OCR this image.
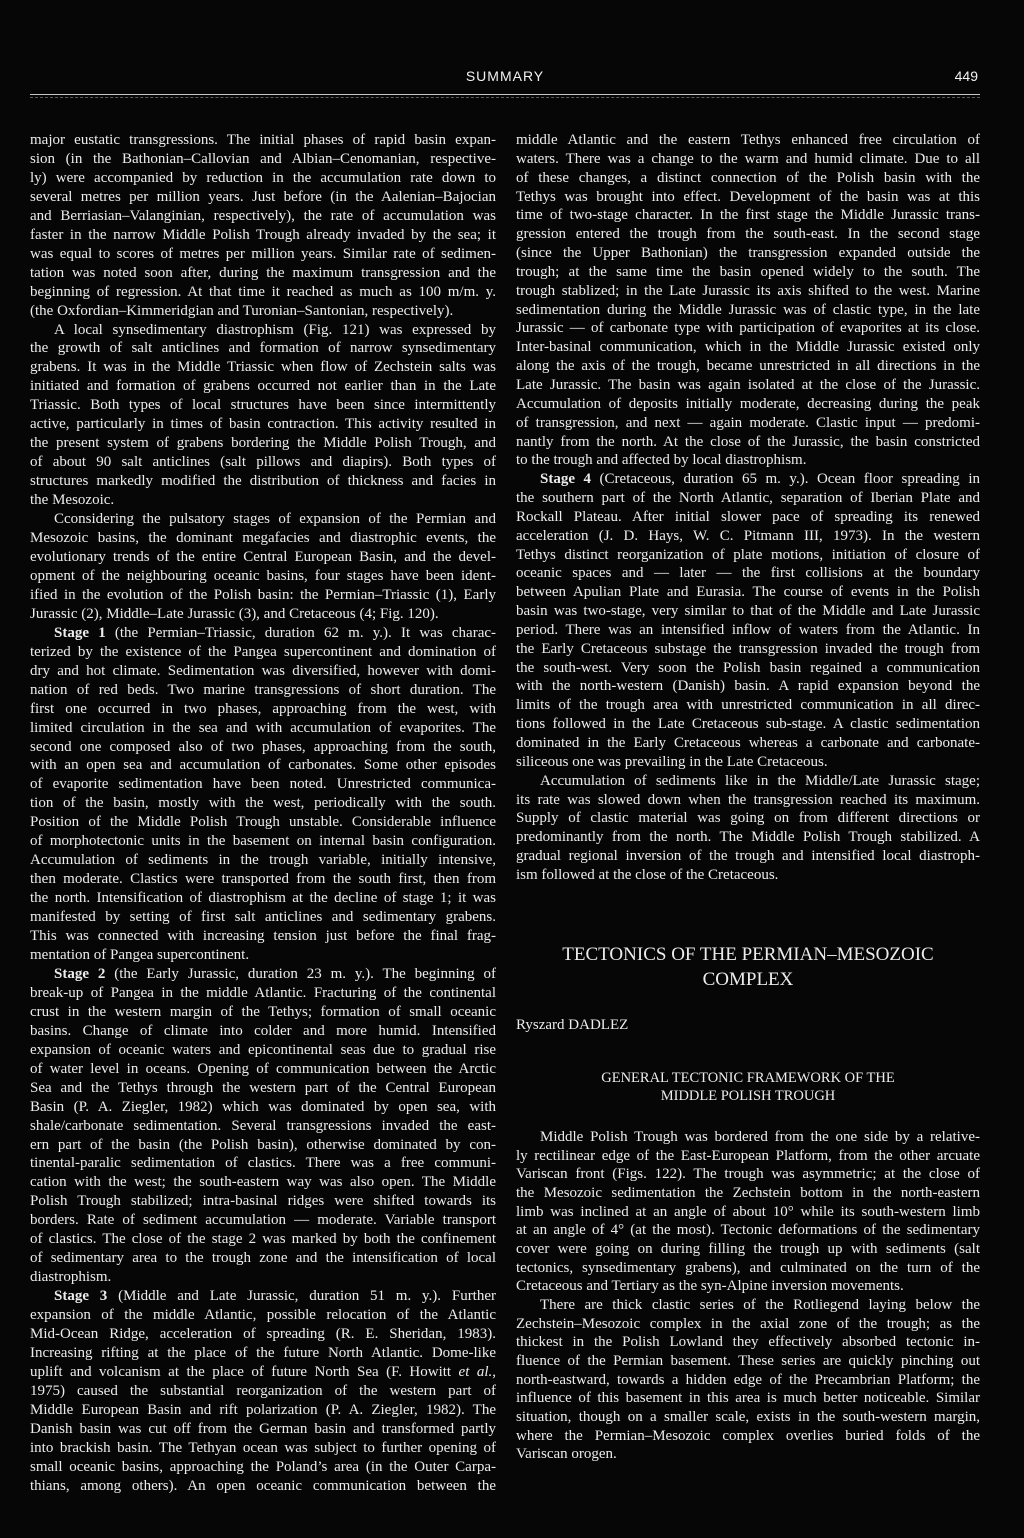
SUMMARY	449
major eustatic transgressions. The initial phases of rapid basin expan-
sion (in the Bathonian–Callovian and Albian–Cenomanian, respective-
ly) were accompanied by reduction in the accumulation rate down to
several metres per million years. Just before (in the Aalenian–Bajocian
and Berriasian–Valanginian, respectively), the rate of accumulation was
faster in the narrow Middle Polish Trough already invaded by the sea; it
was equal to scores of metres per million years. Similar rate of sedimen-
tation was noted soon after, during the maximum transgression and the
beginning of regression. At that time it reached as much as 100 m/m. y.
(the Oxfordian–Kimmeridgian and Turonian–Santonian, respectively).
A local synsedimentary diastrophism (Fig. 121) was expressed by
the growth of salt anticlines and formation of narrow synsedimentary
grabens. It was in the Middle Triassic when flow of Zechstein salts was
initiated and formation of grabens occurred not earlier than in the Late
Triassic. Both types of local structures have been since intermittently
active, particularly in times of basin contraction. This activity resulted in
the present system of grabens bordering the Middle Polish Trough, and
of about 90 salt anticlines (salt pillows and diapirs). Both types of
structures markedly modified the distribution of thickness and facies in
the Mesozoic.
Cconsidering the pulsatory stages of expansion of the Permian and
Mesozoic basins, the dominant megafacies and diastrophic events, the
evolutionary trends of the entire Central European Basin, and the devel-
opment of the neighbouring oceanic basins, four stages have been ident-
ified in the evolution of the Polish basin: the Permian–Triassic (1), Early
Jurassic (2), Middle–Late Jurassic (3), and Cretaceous (4; Fig. 120).
Stage 1 (the Permian–Triassic, duration 62 m. y.). It was charac-
terized by the existence of the Pangea supercontinent and domination of
dry and hot climate. Sedimentation was diversified, however with domi-
nation of red beds. Two marine transgressions of short duration. The
first one occurred in two phases, approaching from the west, with
limited circulation in the sea and with accumulation of evaporites. The
second one composed also of two phases, approaching from the south,
with an open sea and accumulation of carbonates. Some other episodes
of evaporite sedimentation have been noted. Unrestricted communica-
tion of the basin, mostly with the west, periodically with the south.
Position of the Middle Polish Trough unstable. Considerable influence
of morphotectonic units in the basement on internal basin configuration.
Accumulation of sediments in the trough variable, initially intensive,
then moderate. Clastics were transported from the south first, then from
the north. Intensification of diastrophism at the decline of stage 1; it was
manifested by setting of first salt anticlines and sedimentary grabens.
This was connected with increasing tension just before the final frag-
mentation of Pangea supercontinent.
Stage 2 (the Early Jurassic, duration 23 m. y.). The beginning of
break-up of Pangea in the middle Atlantic. Fracturing of the continental
crust in the western margin of the Tethys; formation of small oceanic
basins. Change of climate into colder and more humid. Intensified
expansion of oceanic waters and epicontinental seas due to gradual rise
of water level in oceans. Opening of communication between the Arctic
Sea and the Tethys through the western part of the Central European
Basin (P. A. Ziegler, 1982) which was dominated by open sea, with
shale/carbonate sedimentation. Several transgressions invaded the east-
ern part of the basin (the Polish basin), otherwise dominated by con-
tinental-paralic sedimentation of clastics. There was a free communi-
cation with the west; the south-eastern way was also open. The Middle
Polish Trough stabilized; intra-basinal ridges were shifted towards its
borders. Rate of sediment accumulation — moderate. Variable transport
of clastics. The close of the stage 2 was marked by both the confinement
of sedimentary area to the trough zone and the intensification of local
diastrophism.
Stage 3 (Middle and Late Jurassic, duration 51 m. y.). Further
expansion of the middle Atlantic, possible relocation of the Atlantic
Mid-Ocean Ridge, acceleration of spreading (R. E. Sheridan, 1983).
Increasing rifting at the place of the future North Atlantic. Dome-like
uplift and volcanism at the place of future North Sea (F. Howitt et al.,
1975) caused the substantial reorganization of the western part of
Middle European Basin and rift polarization (P. A. Ziegler, 1982). The
Danish basin was cut off from the German basin and transformed partly
into brackish basin. The Tethyan ocean was subject to further opening of
small oceanic basins, approaching the Poland’s area (in the Outer Carpa-
thians, among others). An open oceanic communication between the
middle Atlantic and the eastern Tethys enhanced free circulation of
waters. There was a change to the warm and humid climate. Due to all
of these changes, a distinct connection of the Polish basin with the
Tethys was brought into effect. Development of the basin was at this
time of two-stage character. In the first stage the Middle Jurassic trans-
gression entered the trough from the south-east. In the second stage
(since the Upper Bathonian) the transgression expanded outside the
trough; at the same time the basin opened widely to the south. The
trough stablized; in the Late Jurassic its axis shifted to the west. Marine
sedimentation during the Middle Jurassic was of clastic type, in the late
Jurassic — of carbonate type with participation of evaporites at its close.
Inter-basinal communication, which in the Middle Jurassic existed only
along the axis of the trough, became unrestricted in all directions in the
Late Jurassic. The basin was again isolated at the close of the Jurassic.
Accumulation of deposits initially moderate, decreasing during the peak
of transgression, and next — again moderate. Clastic input — predomi-
nantly from the north. At the close of the Jurassic, the basin constricted
to the trough and affected by local diastrophism.
Stage 4 (Cretaceous, duration 65 m. y.). Ocean floor spreading in
the southern part of the North Atlantic, separation of Iberian Plate and
Rockall Plateau. After initial slower pace of spreading its renewed
acceleration (J. D. Hays, W. C. Pitmann III, 1973). In the western
Tethys distinct reorganization of plate motions, initiation of closure of
oceanic spaces and — later — the first collisions at the boundary
between Apulian Plate and Eurasia. The course of events in the Polish
basin was two-stage, very similar to that of the Middle and Late Jurassic
period. There was an intensified inflow of waters from the Atlantic. In
the Early Cretaceous substage the transgression invaded the trough from
the south-west. Very soon the Polish basin regained a communication
with the north-western (Danish) basin. A rapid expansion beyond the
limits of the trough area with unrestricted communication in all direc-
tions followed in the Late Cretaceous sub-stage. A clastic sedimentation
dominated in the Early Cretaceous whereas a carbonate and carbonate-
siliceous one was prevailing in the Late Cretaceous.
Accumulation of sediments like in the Middle/Late Jurassic stage;
its rate was slowed down when the transgression reached its maximum.
Supply of clastic material was going on from different directions or
predominantly from the north. The Middle Polish Trough stabilized. A
gradual regional inversion of the trough and intensified local diastroph-
ism followed at the close of the Cretaceous.
TECTONICS OF THE PERMIAN–MESOZOIC
COMPLEX
Ryszard DADLEZ
GENERAL TECTONIC FRAMEWORK OF THE
MIDDLE POLISH TROUGH
Middle Polish Trough was bordered from the one side by a relative-
ly rectilinear edge of the East-European Platform, from the other arcuate
Variscan front (Figs. 122). The trough was asymmetric; at the close of
the Mesozoic sedimentation the Zechstein bottom in the north-eastern
limb was inclined at an angle of about 10° while its south-western limb
at an angle of 4° (at the most). Tectonic deformations of the sedimentary
cover were going on during filling the trough up with sediments (salt
tectonics, synsedimentary grabens), and culminated on the turn of the
Cretaceous and Tertiary as the syn-Alpine inversion movements.
There are thick clastic series of the Rotliegend laying below the
Zechstein–Mesozoic complex in the axial zone of the trough; as the
thickest in the Polish Lowland they effectively absorbed tectonic in-
fluence of the Permian basement. These series are quickly pinching out
north-eastward, towards a hidden edge of the Precambrian Platform; the
influence of this basement in this area is much better noticeable. Similar
situation, though on a smaller scale, exists in the south-western margin,
where the Permian–Mesozoic complex overlies buried folds of the
Variscan orogen.
